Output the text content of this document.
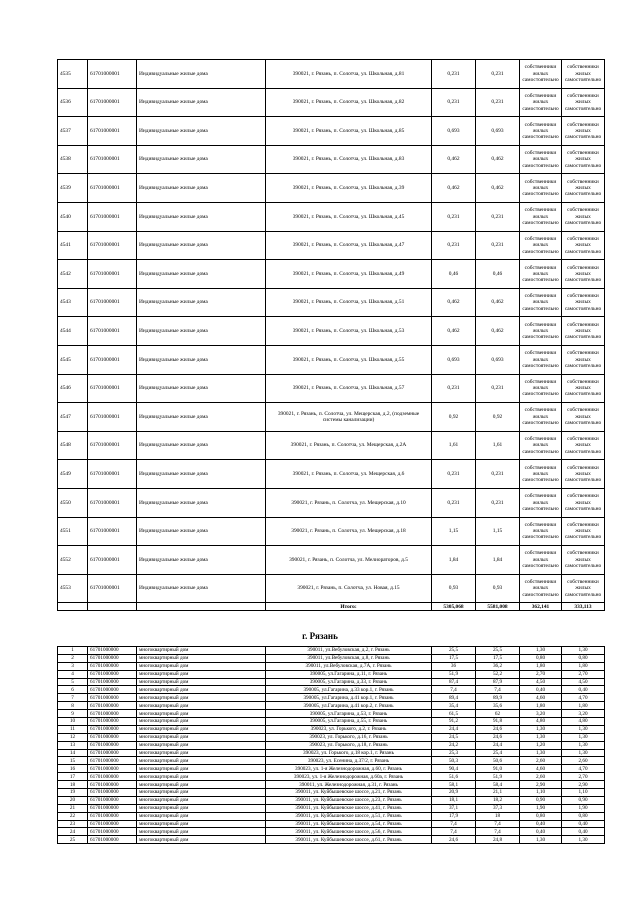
4535	61701000001	Индивидуальные жилые дома	390021, г. Рязань, п. Солотча, ул. Школьная, д.81	0,231	0,231	собственники жилых самостоятельно	собственники жилых самостоятельно
4536	61701000001	Индивидуальные жилые дома	390021, г. Рязань, п. Солотча, ул. Школьная, д.82	0,231	0,231	собственники жилых самостоятельно	собственники жилых самостоятельно
4537	61701000001	Индивидуальные жилые дома	390021, г. Рязань, п. Солотча, ул. Школьная, д.85	0,693	0,693	собственники жилых самостоятельно	собственники жилых самостоятельно
4538	61701000001	Индивидуальные жилые дома	390021, г. Рязань, п. Солотча, ул. Школьная, д.83	0,462	0,462	собственники жилых самостоятельно	собственники жилых самостоятельно
4539	61701000001	Индивидуальные жилые дома	390021, г. Рязань, п. Солотча, ул. Школьная, д.39	0,462	0,462	собственники жилых самостоятельно	собственники жилых самостоятельно
4540	61701000001	Индивидуальные жилые дома	390021, г. Рязань, п. Солотча, ул. Школьная, д.45	0,231	0,231	собственники жилых самостоятельно	собственники жилых самостоятельно
4541	61701000001	Индивидуальные жилые дома	390021, г. Рязань, п. Солотча, ул. Школьная, д.47	0,231	0,231	собственники жилых самостоятельно	собственники жилых самостоятельно
4542	61701000001	Индивидуальные жилые дома	390021, г. Рязань, п. Солотча, ул. Школьная, д.49	0,46	0,46	собственники жилых самостоятельно	собственники жилых самостоятельно
4543	61701000001	Индивидуальные жилые дома	390021, г. Рязань, п. Солотча, ул. Школьная, д.51	0,462	0,462	собственники жилых самостоятельно	собственники жилых самостоятельно
4544	61701000001	Индивидуальные жилые дома	390021, г. Рязань, п. Солотча, ул. Школьная, д.53	0,462	0,462	собственники жилых самостоятельно	собственники жилых самостоятельно
4545	61701000001	Индивидуальные жилые дома	390021, г. Рязань, п. Солотча, ул. Школьная, д.55	0,693	0,693	собственники жилых самостоятельно	собственники жилых самостоятельно
4546	61701000001	Индивидуальные жилые дома	390021, г. Рязань, п. Солотча, ул. Школьная, д.57	0,231	0,231	собственники жилых самостоятельно	собственники жилых самостоятельно
4547	61701000001	Индивидуальные жилые дома	390021, г. Рязань, п. Солотча, ул. Мещерская, д.2, (подземные системы канализации)	0,92	0,92	собственники жилых самостоятельно	собственники жилых самостоятельно
4548	61701000001	Индивидуальные жилые дома	390021, г. Рязань, п. Солотча, ул. Мещерская, д.2А	1,61	1,61	собственники жилых самостоятельно	собственники жилых самостоятельно
4549	61701000001	Индивидуальные жилые дома	390021, г. Рязань, п. Солотча, ул. Мещерская, д.6	0,231	0,231	собственники жилых самостоятельно	собственники жилых самостоятельно
4550	61701000001	Индивидуальные жилые дома	390021, г. Рязань, п. Солотча, ул. Мещерская, д.10	0,231	0,231	собственники жилых самостоятельно	собственники жилых самостоятельно
4551	61701000001	Индивидуальные жилые дома	390021, г. Рязань, п. Солотча, ул. Мещерская, д.18	1,15	1,15	собственники жилых самостоятельно	собственники жилых самостоятельно
4552	61701000001	Индивидуальные жилые дома	390021, г. Рязань, п. Солотча, ул. Мелиораторов, д.5	1,84	1,84	собственники жилых самостоятельно	собственники жилых самостоятельно
4553	61701000001	Индивидуальные жилые дома	390021, г. Рязань, п. Солотча, ул. Новая, д.15	0,93	0,93	собственники жилых самостоятельно	собственники жилых самостоятельно
			Итого:	5305,068	5581,008	362,141	333,113
г. Рязань
1	61701000000	многоквартирный дом	390011, ул.Вебуловская, д.2, г. Рязань	25,5	25,5	1,30	1,30
2	61701000000	многоквартирный дом	390011, ул.Вебуловская, д.8, г. Рязань	17,5	17,5	0,80	0,80
3	61701000000	многоквартирный дом	390011, ул.Вебуловская, д.7А, г. Рязань	36	36,2	1,80	1,80
4	61701000000	многоквартирный дом	390005, ул.Гагарина, д.11, г. Рязань	51,9	52,2	2,70	2,70
5	61701000000	многоквартирный дом	390005, ул.Гагарина, д.33, г. Рязань	87,4	87,9	4,50	4,50
6	61701000000	многоквартирный дом	390005, ул.Гагарина, д.33 кор.1, г. Рязань	7,4	7,4	0,40	0,40
7	61701000000	многоквартирный дом	390005, ул.Гагарина, д.41 кор.1, г. Рязань	89,4	89,9	4,60	4,70
8	61701000000	многоквартирный дом	390005, ул.Гагарина, д.41 кор.2, г. Рязань	35,4	35,6	1,80	1,80
9	61701000000	многоквартирный дом	390005, ул.Гагарина, д.53, г. Рязань	61,5	62	3,20	3,20
10	61701000000	многоквартирный дом	390005, ул.Гагарина, д.55, г. Рязань	91,2	91,8	4,80	4,80
11	61701000000	многоквартирный дом	390023, ул. Горького, д.2, г. Рязань	24,4	24,6	1,30	1,30
12	61701000000	многоквартирный дом	390023, ул. Горького, д.16, г. Рязань	24,5	24,6	1,30	1,30
13	61701000000	многоквартирный дом	390023, ул. Горького, д.18, г. Рязань	24,2	24,4	1,20	1,30
14	61701000000	многоквартирный дом	390023, ул. Горького, д.18 кор.1, г. Рязань	25,3	25,4	1,30	1,30
15	61701000000	многоквартирный дом	390023, ул. Есенина, д.37/2, г. Рязань	50,3	50,6	2,60	2,60
16	61701000000	многоквартирный дом	390023, ул. 1-я Железнодорожная, д.60, г. Рязань	90,4	91,0	4,60	4,70
17	61701000000	многоквартирный дом	390023, ул. 1-я Железнодорожная, д.60а, г. Рязань	51,6	51,9	2,60	2,70
18	61701000000	многоквартирный дом	390011, ул. Железнодорожная, д.31, г. Рязань	58,1	58,4	2,90	2,90
19	61701000000	многоквартирный дом	390011, ул. Куйбышевское шоссе, д.21, г. Рязань	20,9	21,1	1,10	1,10
20	61701000000	многоквартирный дом	390011, ул. Куйбышевское шоссе, д.23, г. Рязань	18,1	18,2	0,90	0,90
21	61701000000	многоквартирный дом	390011, ул. Куйбышевское шоссе, д.41, г. Рязань	37,1	37,3	1,90	1,90
22	61701000000	многоквартирный дом	390011, ул. Куйбышевское шоссе, д.51, г. Рязань	17,9	18	0,80	0,80
23	61701000000	многоквартирный дом	390011, ул. Куйбышевское шоссе, д.54, г. Рязань	7,4	7,4	0,40	0,40
24	61701000000	многоквартирный дом	390011, ул. Куйбышевское шоссе, д.56, г. Рязань	7,4	7,4	0,40	0,40
25	61701000000	многоквартирный дом	390011, ул. Куйбышевское шоссе, д.61, г. Рязань	24,6	24,8	1,30	1,30
